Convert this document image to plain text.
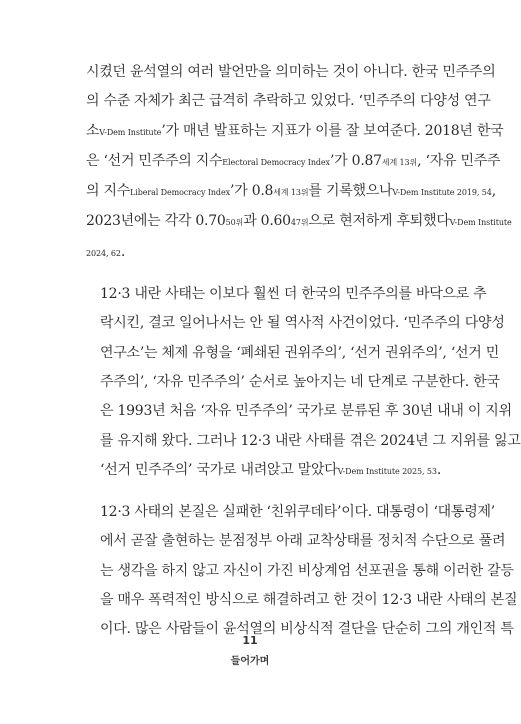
시켰던 윤석열의 여러 발언만을 의미하는 것이 아니다. 한국 민주주의
의 수준 자체가 최근 급격히 추락하고 있었다. ‘민주주의 다양성 연구
소V-Dem Institute’가 매년 발표하는 지표가 이를 잘 보여준다. 2018년 한국
은 ‘선거 민주주의 지수Electoral Democracy Index’가 0.87세계 13위, ‘자유 민주주
의 지수Liberal Democracy Index’가 0.8세계 13위를 기록했으나V-Dem Institute 2019, 54,
2023년에는 각각 0.7050위과 0.6047위으로 현저하게 후퇴했다V-Dem Institute
2024, 62.

12·3 내란 사태는 이보다 훨씬 더 한국의 민주주의를 바닥으로 추
락시킨, 결코 일어나서는 안 될 역사적 사건이었다. ‘민주주의 다양성
연구소’는 체제 유형을 ‘폐쇄된 권위주의’, ‘선거 권위주의’, ‘선거 민
주주의’, ‘자유 민주주의’ 순서로 높아지는 네 단계로 구분한다. 한국
은 1993년 처음 ‘자유 민주주의’ 국가로 분류된 후 30년 내내 이 지위
를 유지해 왔다. 그러나 12·3 내란 사태를 겪은 2024년 그 지위를 잃고
‘선거 민주주의’ 국가로 내려앉고 말았다V-Dem Institute 2025, 53.

12·3 사태의 본질은 실패한 ‘친위쿠데타’이다. 대통령이 ‘대통령제’
에서 곧잘 출현하는 분점정부 아래 교착상태를 정치적 수단으로 풀려
는 생각을 하지 않고 자신이 가진 비상계엄 선포권을 통해 이러한 갈등
을 매우 폭력적인 방식으로 해결하려고 한 것이 12·3 내란 사태의 본질
이다. 많은 사람들이 윤석열의 비상식적 결단을 단순히 그의 개인적 특

11
들어가며
